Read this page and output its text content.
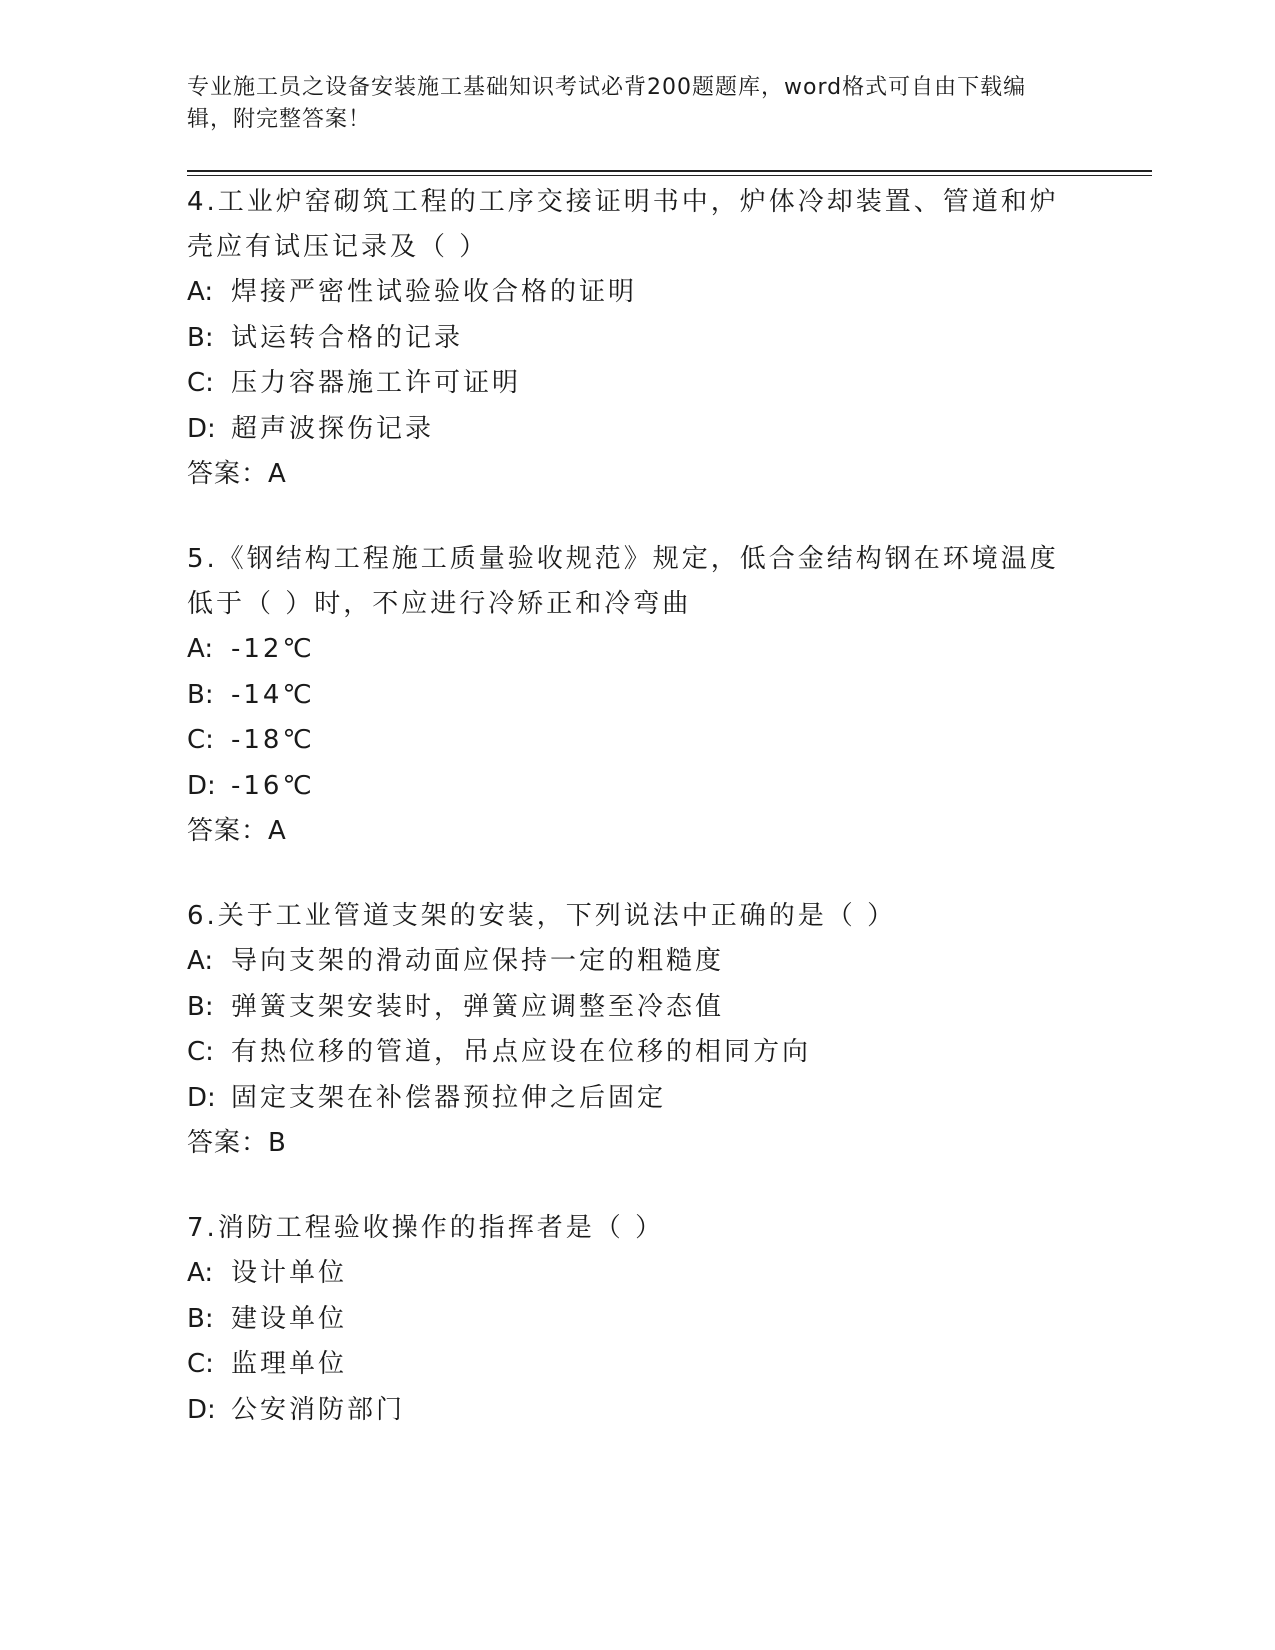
专业施工员之设备安装施工基础知识考试必背200题题库，word格式可自由下载编辑，附完整答案！

4.工业炉窑砌筑工程的工序交接证明书中，炉体冷却装置、管道和炉壳应有试压记录及（ ）

A: 焊接严密性试验验收合格的证明

B: 试运转合格的记录

C: 压力容器施工许可证明

D: 超声波探伤记录

答案：A

5.《钢结构工程施工质量验收规范》规定，低合金结构钢在环境温度低于（ ）时，不应进行冷矫正和冷弯曲

A: -12℃

B: -14℃

C: -18℃

D: -16℃

答案：A

6.关于工业管道支架的安装，下列说法中正确的是（ ）

A: 导向支架的滑动面应保持一定的粗糙度

B: 弹簧支架安装时，弹簧应调整至冷态值

C: 有热位移的管道，吊点应设在位移的相同方向

D: 固定支架在补偿器预拉伸之后固定

答案：B

7.消防工程验收操作的指挥者是（ ）

A: 设计单位

B: 建设单位

C: 监理单位

D: 公安消防部门
